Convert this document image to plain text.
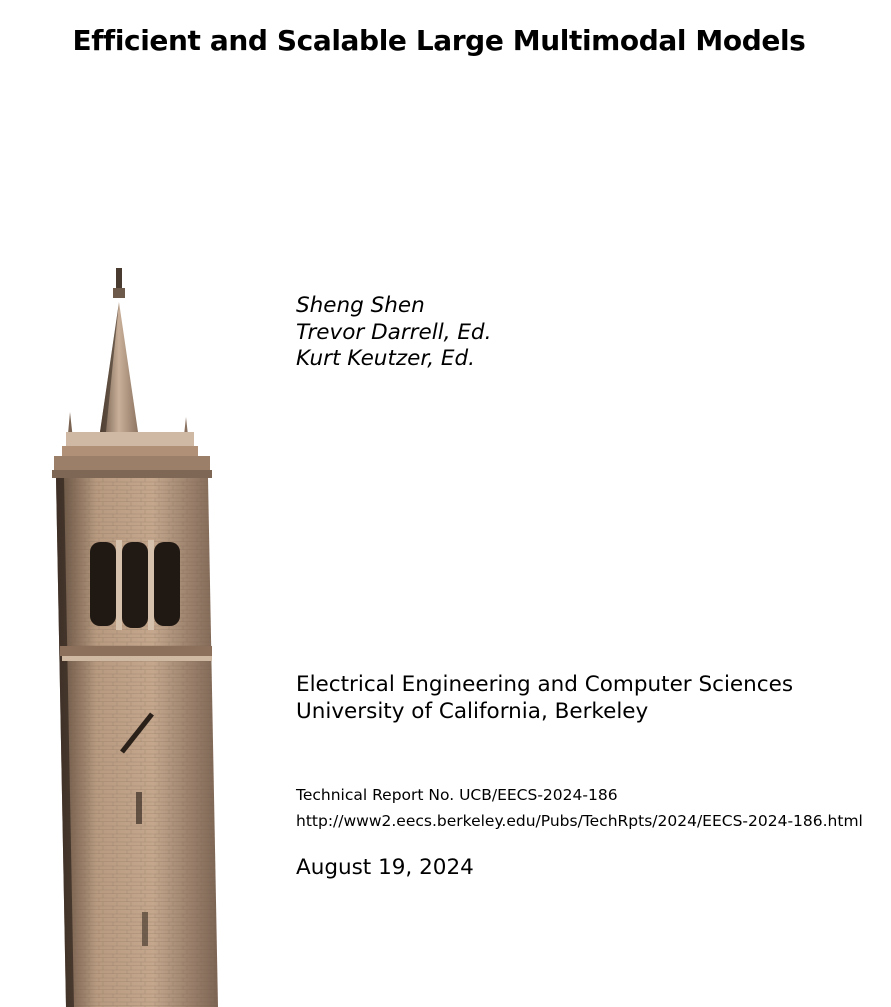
Efficient and Scalable Large Multimodal Models
Sheng Shen
Trevor Darrell, Ed.
Kurt Keutzer, Ed.
Electrical Engineering and Computer Sciences
University of California, Berkeley
Technical Report No. UCB/EECS-2024-186
http://www2.eecs.berkeley.edu/Pubs/TechRpts/2024/EECS-2024-186.html
August 19, 2024
